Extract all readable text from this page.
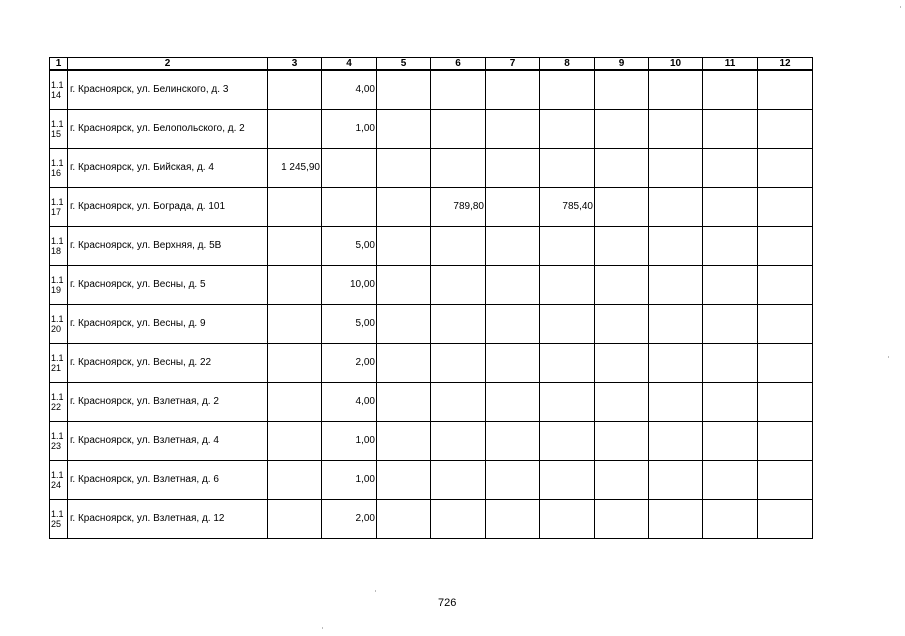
1	2	3	4	5	6	7	8	9	10	11	12

1.1
14	г. Красноярск, ул. Белинского, д. 3		4,00								

1.1
15	г. Красноярск, ул. Белопольского, д. 2		1,00								

1.1
16	г. Красноярск, ул. Бийская, д. 4	1 245,90									

1.1
17	г. Красноярск, ул. Бограда, д. 101				789,80		785,40				

1.1
18	г. Красноярск, ул. Верхняя, д. 5В		5,00								

1.1
19	г. Красноярск, ул. Весны, д. 5		10,00								

1.1
20	г. Красноярск, ул. Весны, д. 9		5,00								

1.1
21	г. Красноярск, ул. Весны, д. 22		2,00								

1.1
22	г. Красноярск, ул. Взлетная, д. 2		4,00								

1.1
23	г. Красноярск, ул. Взлетная, д. 4		1,00								

1.1
24	г. Красноярск, ул. Взлетная, д. 6		1,00								

1.1
25	г. Красноярск, ул. Взлетная, д. 12		2,00								
726
